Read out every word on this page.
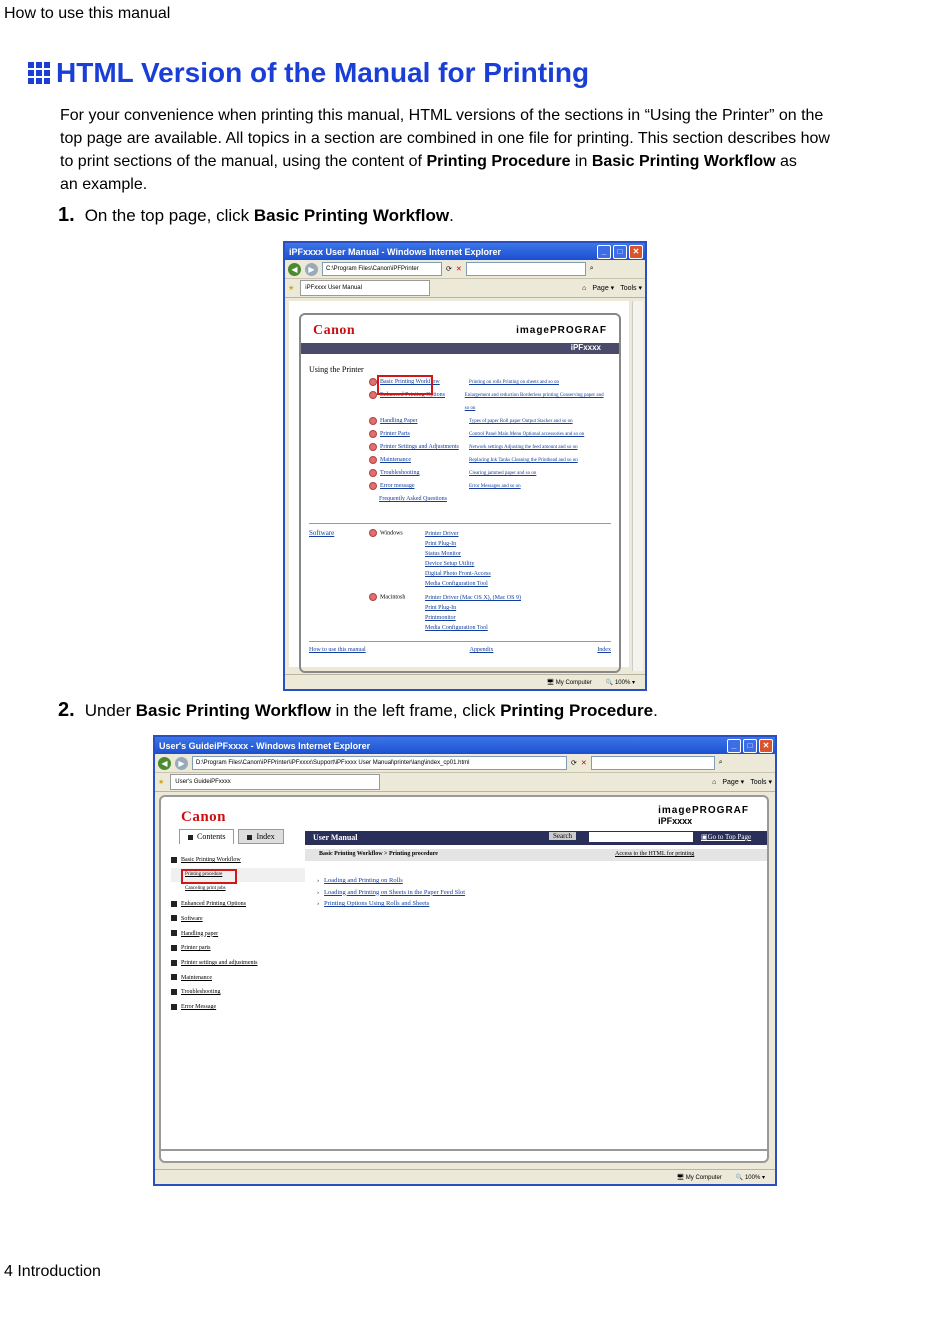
How to use this manual
HTML Version of the Manual for Printing
For your convenience when printing this manual, HTML versions of the sections in “Using the Printer” on the
top page are available. All topics in a section are combined in one file for printing. This section describes how
to print sections of the manual, using the content of Printing Procedure in Basic Printing Workflow as
an example.
1. On the top page, click Basic Printing Workflow.
iPFxxxx User Manual - Windows Internet Explorer	_	□	✕
◀	▶	C:\Program Files\Canon\iPFPrinter	⟳ ✕	⌕
★	iPFxxxx User Manual	⌂ Page ▾ Tools ▾
Canon	imagePROGRAF
iPFxxxx
Using the Printer
Basic Printing Workflow	Printing on rolls Printing on sheets and so on
Enhanced Printing Options	Enlargement and reduction Borderless printing Conserving paper and so on
Handling Paper	Types of paper Roll paper Output Stacker and so on
Printer Parts	Control Panel Main Menu Optional accessories and so on
Printer Settings and Adjustments	Network settings Adjusting the feed amount and so on
Maintenance	Replacing Ink Tanks Cleaning the Printhead and so on
Troubleshooting	Clearing jammed paper and so on
Error message	Error Messages and so on
Frequently Asked Questions
Software	Windows	Printer Driver
Print Plug-In
Status Monitor
Device Setup Utility
Digital Photo Front-Access
Media Configuration Tool
Macintosh	Printer Driver (Mac OS X), (Mac OS 9)
Print Plug-In
Printmonitor
Media Configuration Tool
How to use this manual	Appendix	Index
🖥 My Computer 🔍 100% ▾
2. Under Basic Printing Workflow in the left frame, click Printing Procedure.
User's GuideiPFxxxx - Windows Internet Explorer	_	□	✕
◀	▶	D:\Program Files\Canon\iPFPrinter\iPFxxxx\Support\iPFxxxx User Manual\printer\lang\index_cp01.html	⟳ ✕	⌕
★	User's GuideiPFxxxx	⌂ Page ▾ Tools ▾
Canon	imagePROGRAF
iPFxxxx
Contents	Index	User Manual	Search	▣Go to Top Page
Basic Printing Workflow > Printing procedure	Access to the HTML for printing
Basic Printing Workflow
Printing procedure
Canceling print jobs
Enhanced Printing Options
Software
Handling paper
Printer parts
Printer settings and adjustments
Maintenance
Troubleshooting
Error Message
›   Loading and Printing on Rolls
›   Loading and Printing on Sheets in the Paper Feed Slot
›   Printing Options Using Rolls and Sheets
🖥 My Computer 🔍 100% ▾
4 Introduction
